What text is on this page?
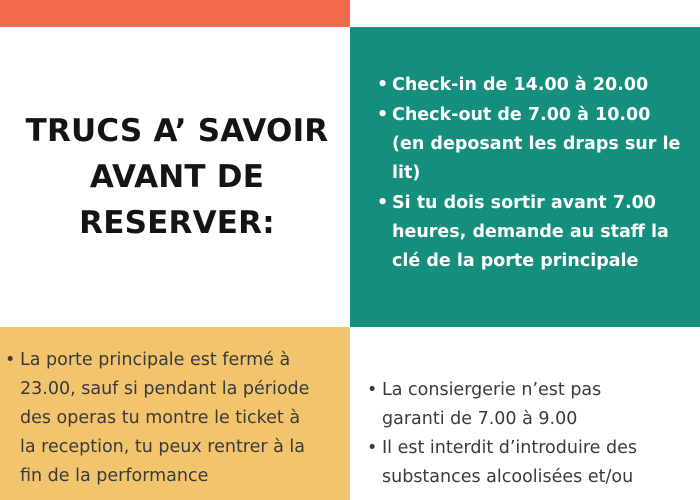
TRUCS A’ SAVOIR
AVANT DE
RESERVER:
• Check-in de 14.00 à 20.00
• Check-out de 7.00 à 10.00
(en deposant les draps sur le
lit)
• Si tu dois sortir avant 7.00
heures, demande au staff la
clé de la porte principale
• La porte principale est fermé à
23.00, sauf si pendant la période
des operas tu montre le ticket à
la reception, tu peux rentrer à la
fin de la performance
• La consiergerie n’est pas
garanti de 7.00 à 9.00
• Il est interdit d’introduire des
substances alcoolisées et/ou
